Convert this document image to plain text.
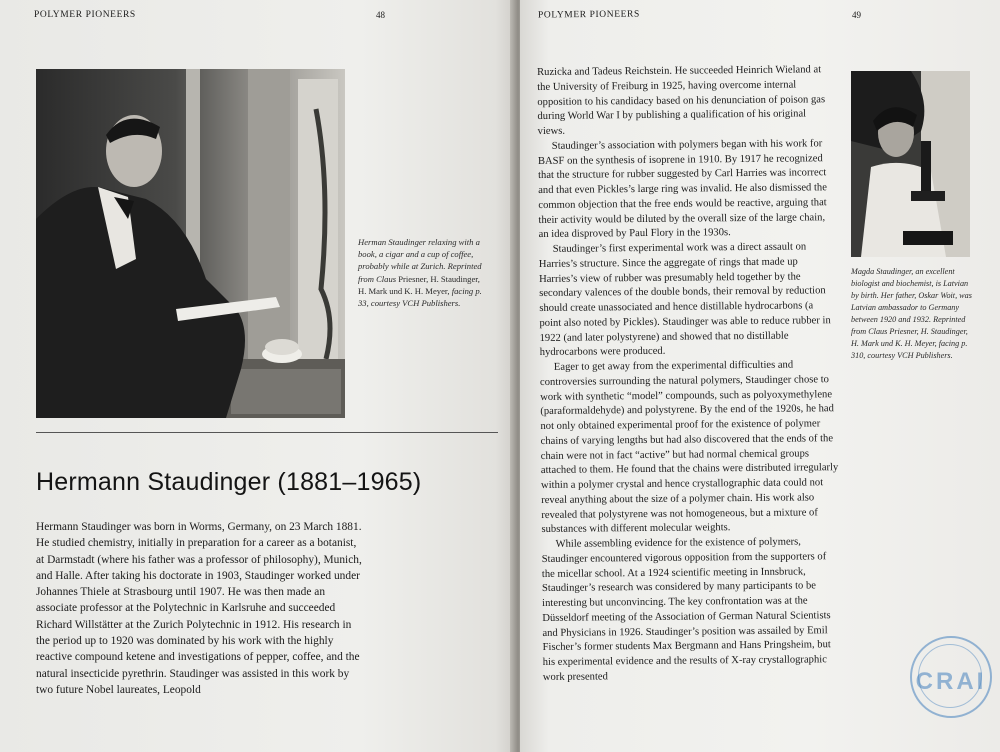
POLYMER PIONEERS	48
Herman Staudinger relaxing with a book, a cigar and a cup of coffee, probably while at Zurich. Reprinted from Claus Priesner, H. Staudinger, H. Mark und K. H. Meyer, facing p. 33, courtesy VCH Publishers.
Hermann Staudinger (1881–1965)

Hermann Staudinger was born in Worms, Germany, on 23 March 1881. He studied chemistry, initially in preparation for a career as a botanist, at Darmstadt (where his father was a professor of philosophy), Munich, and Halle. After taking his doctorate in 1903, Staudinger worked under Johannes Thiele at Strasbourg until 1907. He was then made an associate professor at the Polytechnic in Karlsruhe and succeeded Richard Willstätter at the Zurich Polytechnic in 1912. His research in the period up to 1920 was dominated by his work with the highly reactive compound ketene and investigations of pepper, coffee, and the natural insecticide pyrethrin. Staudinger was assisted in this work by two future Nobel laureates, Leopold

POLYMER PIONEERS	49

Ruzicka and Tadeus Reichstein. He succeeded Heinrich Wieland at the University of Freiburg in 1925, having overcome internal opposition to his candidacy based on his denunciation of poison gas during World War I by publishing a qualification of his original views.

Staudinger’s association with polymers began with his work for BASF on the synthesis of isoprene in 1910. By 1917 he recognized that the structure for rubber suggested by Carl Harries was incorrect and that even Pickles’s large ring was invalid. He also dismissed the common objection that the free ends would be reactive, arguing that their activity would be diluted by the overall size of the large chain, an idea disproved by Paul Flory in the 1930s.

Staudinger’s first experimental work was a direct assault on Harries’s structure. Since the aggregate of rings that made up Harries’s view of rubber was presumably held together by the secondary valences of the double bonds, their removal by reduction should create unassociated and hence distillable hydrocarbons (a point also noted by Pickles). Staudinger was able to reduce rubber in 1922 (and later polystyrene) and showed that no distillable hydrocarbons were produced.

Eager to get away from the experimental difficulties and controversies surrounding the natural polymers, Staudinger chose to work with synthetic “model” compounds, such as polyoxymethylene (paraformaldehyde) and polystyrene. By the end of the 1920s, he had not only obtained experimental proof for the existence of polymer chains of varying lengths but had also discovered that the ends of the chain were not in fact “active” but had normal chemical groups attached to them. He found that the chains were distributed irregularly within a polymer crystal and hence crystallographic data could not reveal anything about the size of a polymer chain. His work also revealed that polystyrene was not homogeneous, but a mixture of substances with different molecular weights.

While assembling evidence for the existence of polymers, Staudinger encountered vigorous opposition from the supporters of the micellar school. At a 1924 scientific meeting in Innsbruck, Staudinger’s research was considered by many participants to be interesting but unconvincing. The key confrontation was at the Düsseldorf meeting of the Association of German Natural Scientists and Physicians in 1926. Staudinger’s position was assailed by Emil Fischer’s former students Max Bergmann and Hans Pringsheim, but his experimental evidence and the results of X-ray crystallographic work presented

Magda Staudinger, an excellent biologist and biochemist, is Latvian by birth. Her father, Oskar Woit, was Latvian ambassador to Germany between 1920 and 1932. Reprinted from Claus Priesner, H. Staudinger, H. Mark und K. H. Meyer, facing p. 310, courtesy VCH Publishers.
CRAI
